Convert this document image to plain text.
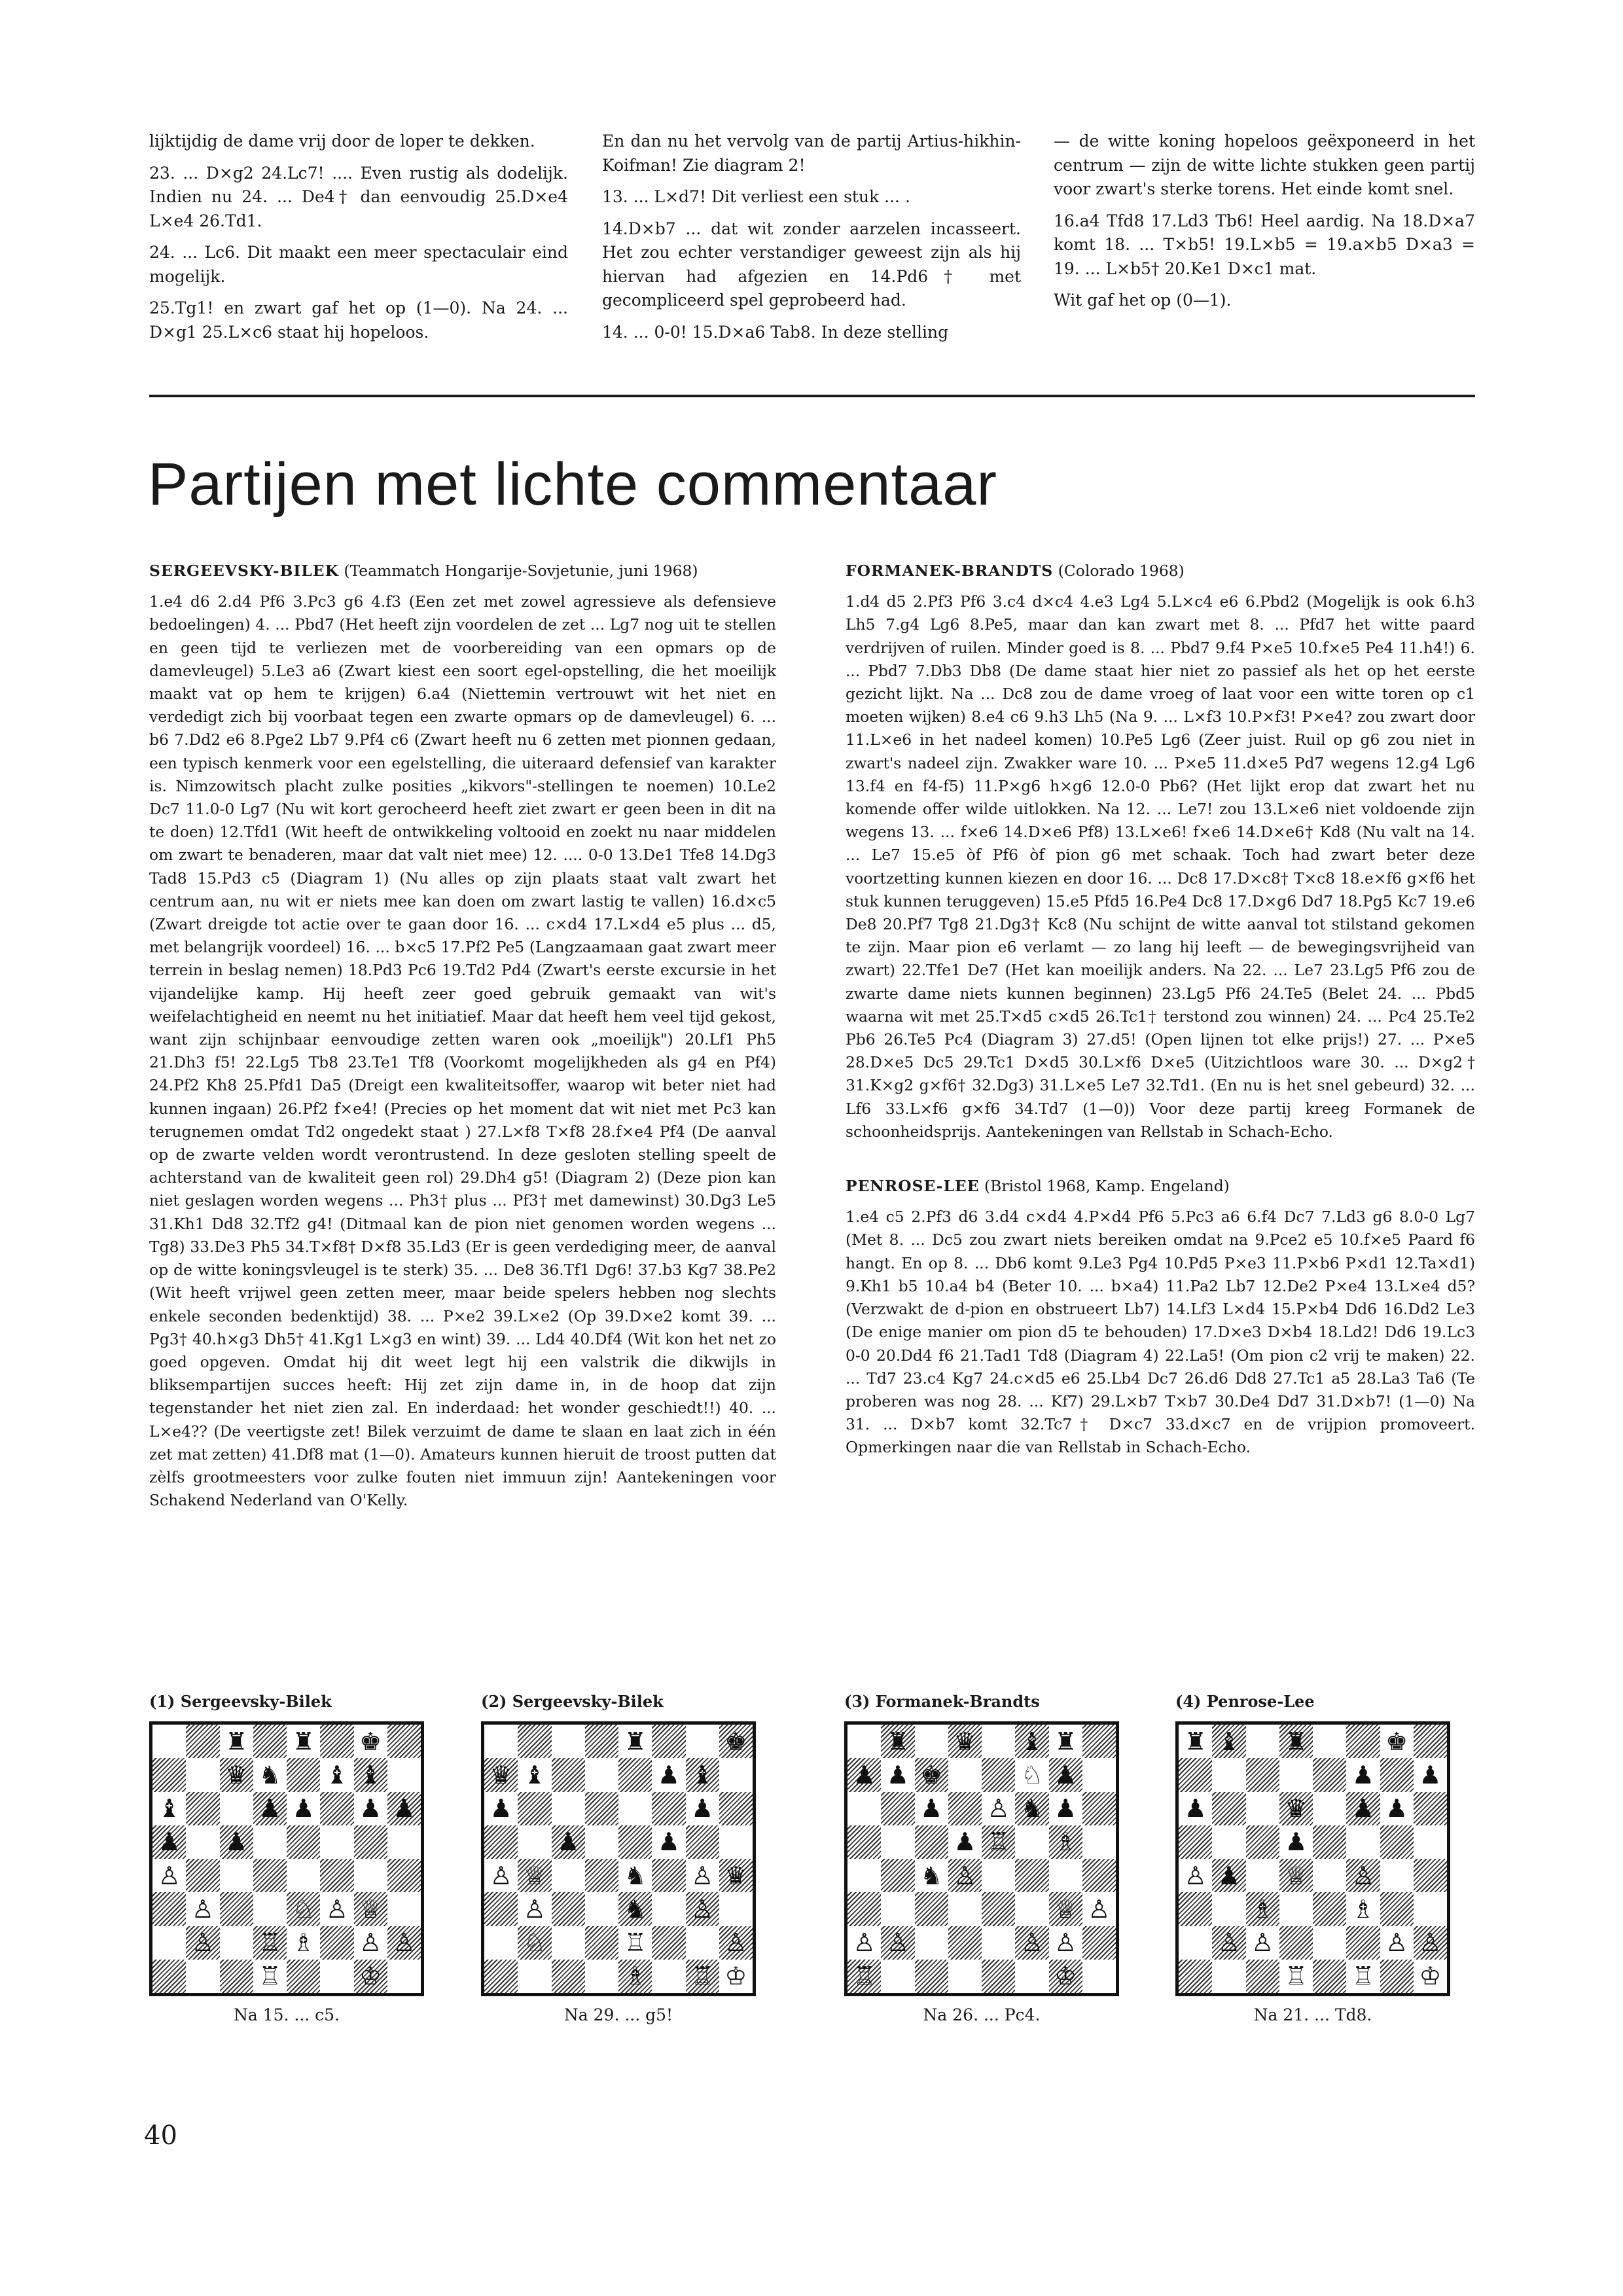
lijktijdig de dame vrij door de loper te dekken.

23. ... D×g2 24.Lc7! .... Even rustig als dodelijk. Indien nu 24. ... De4† dan eenvoudig 25.D×e4 L×e4 26.Td1.

24. ... Lc6. Dit maakt een meer spectaculair eind mogelijk.

25.Tg1! en zwart gaf het op (1—0). Na 24. ... D×g1 25.L×c6 staat hij hopeloos.

En dan nu het vervolg van de partij Artius-hikhin-Koifman! Zie diagram 2!

13. ... L×d7! Dit verliest een stuk ... .

14.D×b7 ... dat wit zonder aarzelen incasseert. Het zou echter verstandiger geweest zijn als hij hiervan had afgezien en 14.Pd6† met gecompliceerd spel geprobeerd had.

14. ... 0-0! 15.D×a6 Tab8. In deze stelling

— de witte koning hopeloos geëxponeerd in het centrum — zijn de witte lichte stukken geen partij voor zwart's sterke torens. Het einde komt snel.

16.a4 Tfd8 17.Ld3 Tb6! Heel aardig. Na 18.D×a7 komt 18. ... T×b5! 19.L×b5 = 19.a×b5 D×a3 = 19. ... L×b5† 20.Ke1 D×c1 mat.

Wit gaf het op (0—1).

Partijen met lichte commentaar

SERGEEVSKY-BILEK (Teammatch Hongarije-Sovjetunie, juni 1968)

1.e4 d6 2.d4 Pf6 3.Pc3 g6 4.f3 (Een zet met zowel agressieve als defensieve bedoelingen) 4. ... Pbd7 (Het heeft zijn voordelen de zet ... Lg7 nog uit te stellen en geen tijd te verliezen met de voorbereiding van een opmars op de damevleugel) 5.Le3 a6 (Zwart kiest een soort egel-opstelling, die het moeilijk maakt vat op hem te krijgen) 6.a4 (Niettemin vertrouwt wit het niet en verdedigt zich bij voorbaat tegen een zwarte opmars op de damevleugel) 6. ... b6 7.Dd2 e6 8.Pge2 Lb7 9.Pf4 c6 (Zwart heeft nu 6 zetten met pionnen gedaan, een typisch kenmerk voor een egelstelling, die uiteraard defensief van karakter is. Nimzowitsch placht zulke posities „kikvors"-stellingen te noemen) 10.Le2 Dc7 11.0-0 Lg7 (Nu wit kort gerocheerd heeft ziet zwart er geen been in dit na te doen) 12.Tfd1 (Wit heeft de ontwikkeling voltooid en zoekt nu naar middelen om zwart te benaderen, maar dat valt niet mee) 12. .... 0-0 13.De1 Tfe8 14.Dg3 Tad8 15.Pd3 c5 (Diagram 1) (Nu alles op zijn plaats staat valt zwart het centrum aan, nu wit er niets mee kan doen om zwart lastig te vallen) 16.d×c5 (Zwart dreigde tot actie over te gaan door 16. ... c×d4 17.L×d4 e5 plus ... d5, met belangrijk voordeel) 16. ... b×c5 17.Pf2 Pe5 (Langzaamaan gaat zwart meer terrein in beslag nemen) 18.Pd3 Pc6 19.Td2 Pd4 (Zwart's eerste excursie in het vijandelijke kamp. Hij heeft zeer goed gebruik gemaakt van wit's weifelachtigheid en neemt nu het initiatief. Maar dat heeft hem veel tijd gekost, want zijn schijnbaar eenvoudige zetten waren ook „moeilijk") 20.Lf1 Ph5 21.Dh3 f5! 22.Lg5 Tb8 23.Te1 Tf8 (Voorkomt mogelijkheden als g4 en Pf4) 24.Pf2 Kh8 25.Pfd1 Da5 (Dreigt een kwaliteitsoffer, waarop wit beter niet had kunnen ingaan) 26.Pf2 f×e4! (Precies op het moment dat wit niet met Pc3 kan terugnemen omdat Td2 ongedekt staat ) 27.L×f8 T×f8 28.f×e4 Pf4 (De aanval op de zwarte velden wordt verontrustend. In deze gesloten stelling speelt de achterstand van de kwaliteit geen rol) 29.Dh4 g5! (Diagram 2) (Deze pion kan niet geslagen worden wegens ... Ph3† plus ... Pf3† met damewinst) 30.Dg3 Le5 31.Kh1 Dd8 32.Tf2 g4! (Ditmaal kan de pion niet genomen worden wegens ... Tg8) 33.De3 Ph5 34.T×f8† D×f8 35.Ld3 (Er is geen verdediging meer, de aanval op de witte koningsvleugel is te sterk) 35. ... De8 36.Tf1 Dg6! 37.b3 Kg7 38.Pe2 (Wit heeft vrijwel geen zetten meer, maar beide spelers hebben nog slechts enkele seconden bedenktijd) 38. ... P×e2 39.L×e2 (Op 39.D×e2 komt 39. ... Pg3† 40.h×g3 Dh5† 41.Kg1 L×g3 en wint) 39. ... Ld4 40.Df4 (Wit kon het net zo goed opgeven. Omdat hij dit weet legt hij een valstrik die dikwijls in bliksempartijen succes heeft: Hij zet zijn dame in, in de hoop dat zijn tegenstander het niet zien zal. En inderdaad: het wonder geschiedt!!) 40. ... L×e4?? (De veertigste zet! Bilek verzuimt de dame te slaan en laat zich in één zet mat zetten) 41.Df8 mat (1—0). Amateurs kunnen hieruit de troost putten dat zèlfs grootmeesters voor zulke fouten niet immuun zijn! Aantekeningen voor Schakend Nederland van O'Kelly.

FORMANEK-BRANDTS (Colorado 1968)

1.d4 d5 2.Pf3 Pf6 3.c4 d×c4 4.e3 Lg4 5.L×c4 e6 6.Pbd2 (Mogelijk is ook 6.h3 Lh5 7.g4 Lg6 8.Pe5, maar dan kan zwart met 8. ... Pfd7 het witte paard verdrijven of ruilen. Minder goed is 8. ... Pbd7 9.f4 P×e5 10.f×e5 Pe4 11.h4!) 6. ... Pbd7 7.Db3 Db8 (De dame staat hier niet zo passief als het op het eerste gezicht lijkt. Na ... Dc8 zou de dame vroeg of laat voor een witte toren op c1 moeten wijken) 8.e4 c6 9.h3 Lh5 (Na 9. ... L×f3 10.P×f3! P×e4? zou zwart door 11.L×e6 in het nadeel komen) 10.Pe5 Lg6 (Zeer juist. Ruil op g6 zou niet in zwart's nadeel zijn. Zwakker ware 10. ... P×e5 11.d×e5 Pd7 wegens 12.g4 Lg6 13.f4 en f4-f5) 11.P×g6 h×g6 12.0-0 Pb6? (Het lijkt erop dat zwart het nu komende offer wilde uitlokken. Na 12. ... Le7! zou 13.L×e6 niet voldoende zijn wegens 13. ... f×e6 14.D×e6 Pf8) 13.L×e6! f×e6 14.D×e6† Kd8 (Nu valt na 14. ... Le7 15.e5 òf Pf6 òf pion g6 met schaak. Toch had zwart beter deze voortzetting kunnen kiezen en door 16. ... Dc8 17.D×c8† T×c8 18.e×f6 g×f6 het stuk kunnen teruggeven) 15.e5 Pfd5 16.Pe4 Dc8 17.D×g6 Dd7 18.Pg5 Kc7 19.e6 De8 20.Pf7 Tg8 21.Dg3† Kc8 (Nu schijnt de witte aanval tot stilstand gekomen te zijn. Maar pion e6 verlamt — zo lang hij leeft — de bewegingsvrijheid van zwart) 22.Tfe1 De7 (Het kan moeilijk anders. Na 22. ... Le7 23.Lg5 Pf6 zou de zwarte dame niets kunnen beginnen) 23.Lg5 Pf6 24.Te5 (Belet 24. ... Pbd5 waarna wit met 25.T×d5 c×d5 26.Tc1† terstond zou winnen) 24. ... Pc4 25.Te2 Pb6 26.Te5 Pc4 (Diagram 3) 27.d5! (Open lijnen tot elke prijs!) 27. ... P×e5 28.D×e5 Dc5 29.Tc1 D×d5 30.L×f6 D×e5 (Uitzichtloos ware 30. ... D×g2† 31.K×g2 g×f6† 32.Dg3) 31.L×e5 Le7 32.Td1. (En nu is het snel gebeurd) 32. ... Lf6 33.L×f6 g×f6 34.Td7 (1—0)) Voor deze partij kreeg Formanek de schoonheidsprijs. Aantekeningen van Rellstab in Schach-Echo.

PENROSE-LEE (Bristol 1968, Kamp. Engeland)

1.e4 c5 2.Pf3 d6 3.d4 c×d4 4.P×d4 Pf6 5.Pc3 a6 6.f4 Dc7 7.Ld3 g6 8.0-0 Lg7 (Met 8. ... Dc5 zou zwart niets bereiken omdat na 9.Pce2 e5 10.f×e5 Paard f6 hangt. En op 8. ... Db6 komt 9.Le3 Pg4 10.Pd5 P×e3 11.P×b6 P×d1 12.Ta×d1) 9.Kh1 b5 10.a4 b4 (Beter 10. ... b×a4) 11.Pa2 Lb7 12.De2 P×e4 13.L×e4 d5? (Verzwakt de d-pion en obstrueert Lb7) 14.Lf3 L×d4 15.P×b4 Dd6 16.Dd2 Le3 (De enige manier om pion d5 te behouden) 17.D×e3 D×b4 18.Ld2! Dd6 19.Lc3 0-0 20.Dd4 f6 21.Tad1 Td8 (Diagram 4) 22.La5! (Om pion c2 vrij te maken) 22. ... Td7 23.c4 Kg7 24.c×d5 e6 25.Lb4 Dc7 26.d6 Dd8 27.Tc1 a5 28.La3 Ta6 (Te proberen was nog 28. ... Kf7) 29.L×b7 T×b7 30.De4 Dd7 31.D×b7! (1—0) Na 31. ... D×b7 komt 32.Tc7† D×c7 33.d×c7 en de vrijpion promoveert. Opmerkingen naar die van Rellstab in Schach-Echo.

(1) Sergeevsky-Bilek
♜ ♜ ♚
♛ ♞ ♝ ♝
♝	♟ ♟ ♟ ♟
♟ ♟
♙
♙	♘ ♙ ♕
♙ ♖ ♗ ♙ ♙
♖	♔
Na 15. ... c5.
(2) Sergeevsky-Bilek
♜	♚
♛ ♝	♟ ♝
♟	♟
♟	♟
♙ ♕	♞ ♙ ♛
♙	♞ ♙
♘	♖	♙
♗ ♖ ♔
Na 29. ... g5!
(3) Formanek-Brandts
♜ ♛ ♝ ♜
♟ ♟ ♚	♘ ♟
♟ ♙ ♞ ♟
♟ ♖ ♗
♞ ♙
♕ ♙
♙ ♙	♙ ♙
♖	♔
Na 26. ... Pc4.
(4) Penrose-Lee
♜ ♝ ♜	♚
♟ ♟
♟	♛ ♟ ♟
♟
♙ ♟ ♕ ♙
♗	♗
♙ ♙	♙ ♙
♖ ♖ ♔
Na 21. ... Td8.
40
